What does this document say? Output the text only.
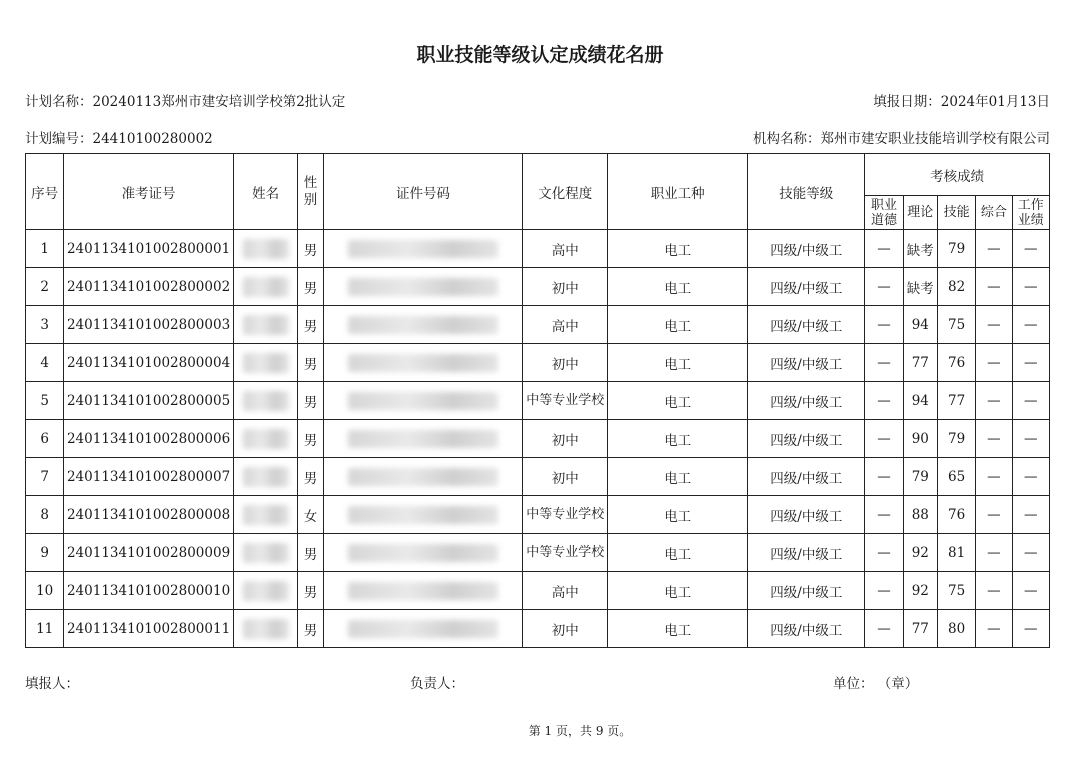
职业技能等级认定成绩花名册
计划名称：20240113郑州市建安培训学校第2批认定	填报日期：2024年01月13日
计划编号：24410100280002	机构名称：郑州市建安职业技能培训学校有限公司
序号	准考证号	姓名	性别	证件号码	文化程度	职业工种	技能等级	考核成绩				
								职业道德	理论	技能	综合	工作业绩
1	2401134101002800001		男		高中	电工	四级/中级工	—	缺考	79	—	—
2	2401134101002800002		男		初中	电工	四级/中级工	—	缺考	82	—	—
3	2401134101002800003		男		高中	电工	四级/中级工	—	94	75	—	—
4	2401134101002800004		男		初中	电工	四级/中级工	—	77	76	—	—
5	2401134101002800005		男		中等专业学校	电工	四级/中级工	—	94	77	—	—
6	2401134101002800006		男		初中	电工	四级/中级工	—	90	79	—	—
7	2401134101002800007		男		初中	电工	四级/中级工	—	79	65	—	—
8	2401134101002800008		女		中等专业学校	电工	四级/中级工	—	88	76	—	—
9	2401134101002800009		男		中等专业学校	电工	四级/中级工	—	92	81	—	—
10	2401134101002800010		男		高中	电工	四级/中级工	—	92	75	—	—
11	2401134101002800011		男		初中	电工	四级/中级工	—	77	80	—	—
填报人：	负责人：	单位： （章）
第 1 页，共 9 页。
